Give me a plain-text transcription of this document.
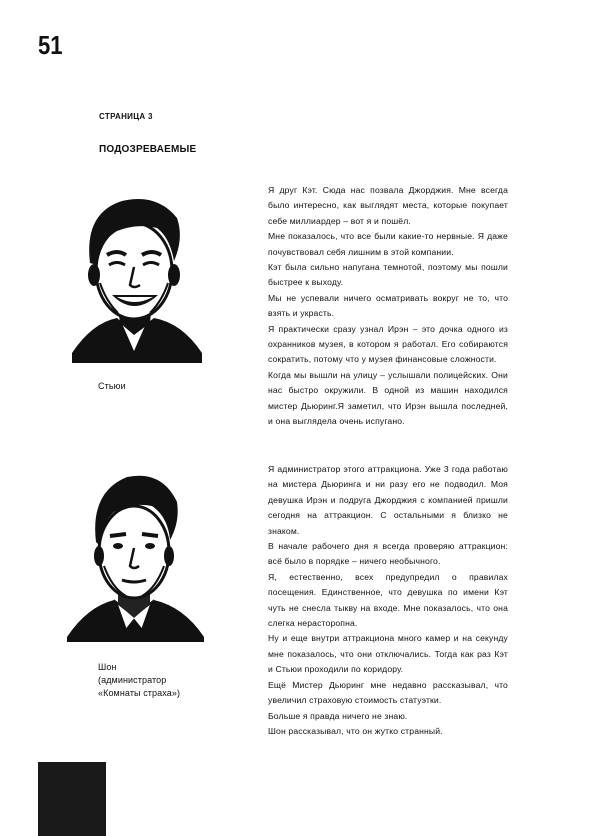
51
СТРАНИЦА 3
ПОДОЗРЕВАЕМЫЕ
Стьюи

Я друг Кэт. Сюда нас позвала Джорджия. Мне всегда было интересно, как выглядят места, которые покупает себе миллиардер – вот я и пошёл.

Мне показалось, что все были какие-то нервные. Я даже почувствовал себя лишним в этой компании.

Кэт была сильно напугана темнотой, поэтому мы пошли быстрее к выходу.

Мы не успевали ничего осматривать вокруг не то, что взять и украсть.

Я практически сразу узнал Ирэн – это дочка одного из охранников музея, в котором я работал. Его собираются сократить, потому что у музея финансовые сложности.

Когда мы вышли на улицу – услышали полицейских. Они нас быстро окружили. В одной из машин находился мистер Дьюринг.Я заметил, что Ирэн вышла последней, и она выглядела очень испугано.

Шон
(администратор
«Комнаты страха»)

Я администратор этого аттракциона. Уже 3 года работаю на мистера Дьюринга и ни разу его не подводил. Моя девушка Ирэн и подруга Джорджия с компанией пришли сегодня на аттракцион. С остальными я близко не знаком.

В начале рабочего дня я всегда проверяю аттракцион: всё было в порядке – ничего необычного.

Я, естественно, всех предупредил о правилах посещения. Единственное, что девушка по имени Кэт чуть не снесла тыкву на входе. Мне показалось, что она слегка нерасторопна.

Ну и еще внутри аттракциона много камер и на секунду мне показалось, что они отключались. Тогда как раз Кэт и Стьюи проходили по коридору.

Ещё Мистер Дьюринг мне недавно рассказывал, что увеличил страховую стоимость статуэтки.

Больше я правда ничего не знаю.

Шон рассказывал, что он жутко странный.
